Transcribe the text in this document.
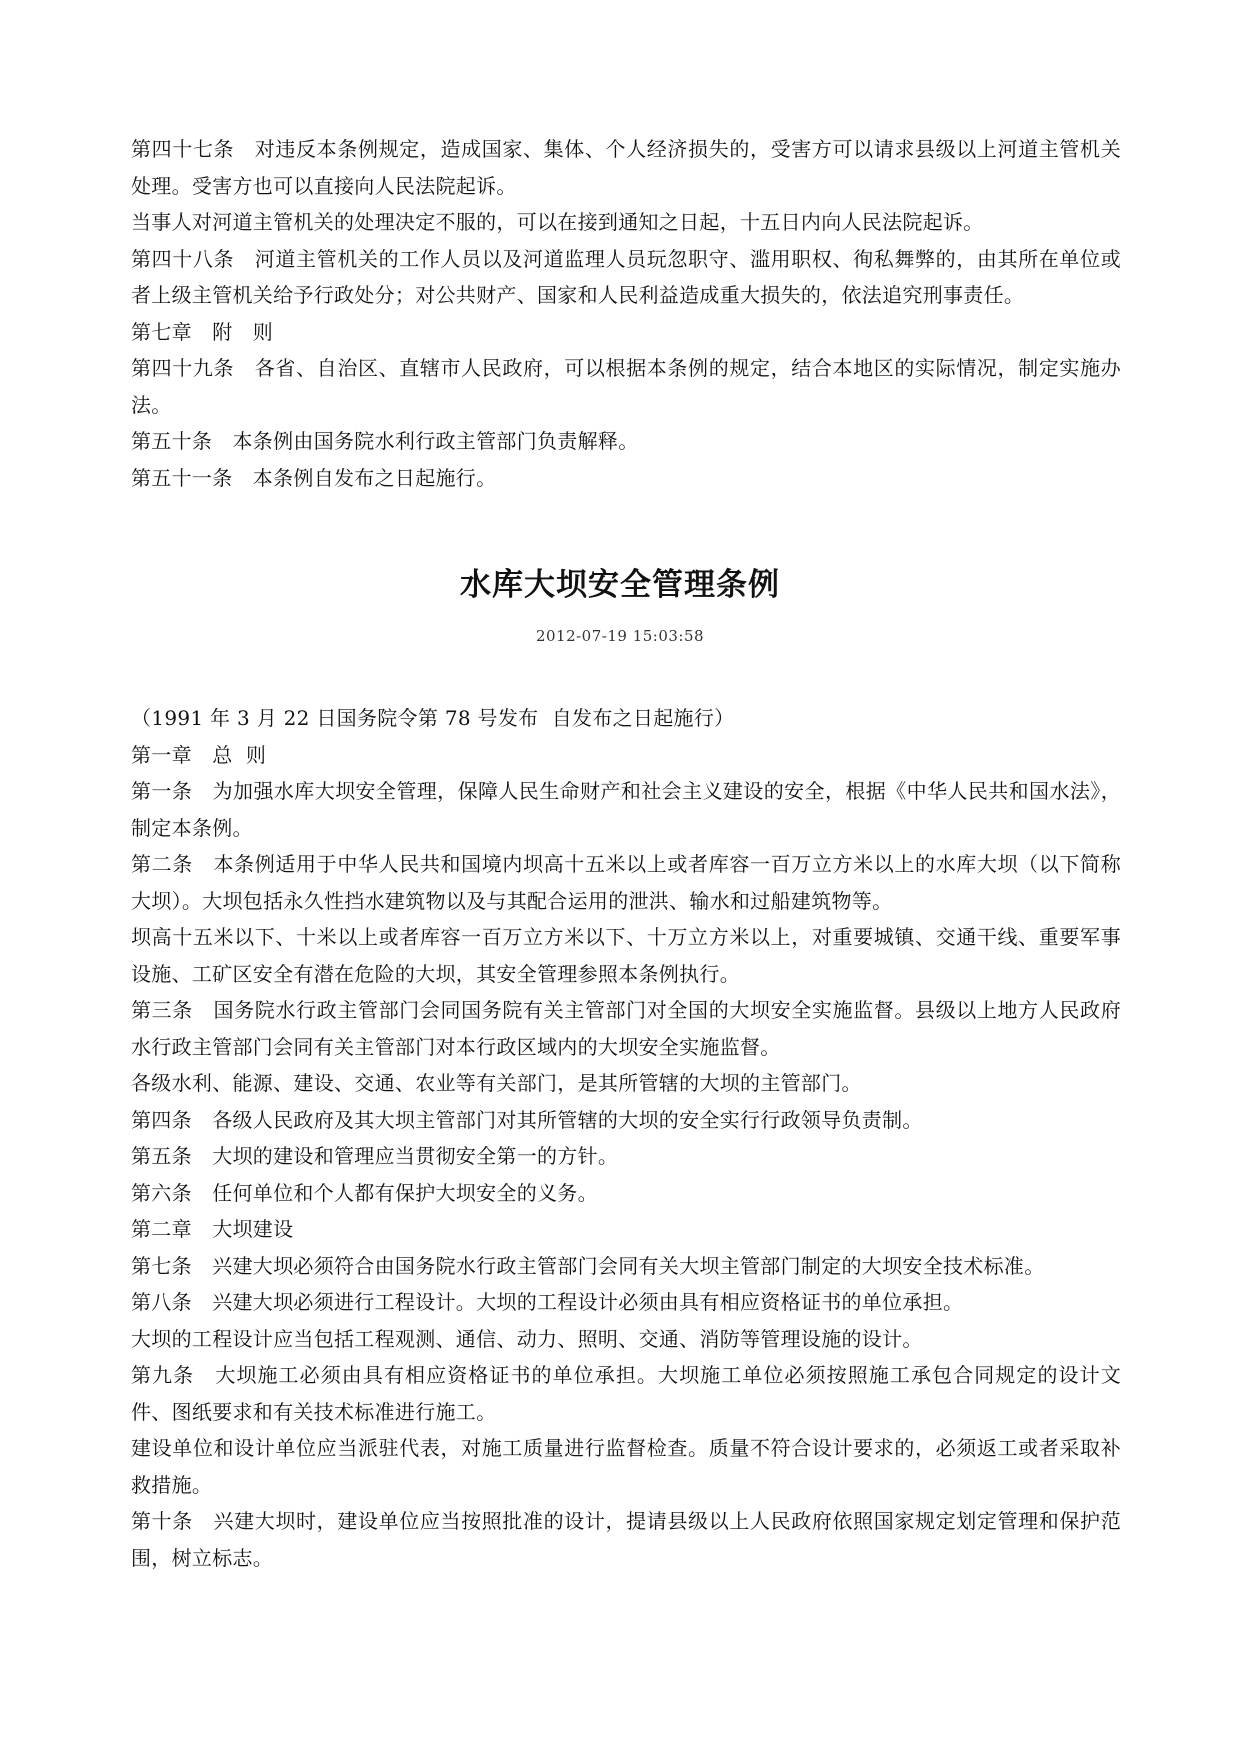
第四十七条　对违反本条例规定，造成国家、集体、个人经济损失的，受害方可以请求县级以上河道主管机关处理。受害方也可以直接向人民法院起诉。

当事人对河道主管机关的处理决定不服的，可以在接到通知之日起，十五日内向人民法院起诉。

第四十八条　河道主管机关的工作人员以及河道监理人员玩忽职守、滥用职权、徇私舞弊的，由其所在单位或者上级主管机关给予行政处分；对公共财产、国家和人民利益造成重大损失的，依法追究刑事责任。

第七章　附　则

第四十九条　各省、自治区、直辖市人民政府，可以根据本条例的规定，结合本地区的实际情况，制定实施办法。

第五十条　本条例由国务院水利行政主管部门负责解释。

第五十一条　本条例自发布之日起施行。

水库大坝安全管理条例
2012-07-19 15:03:58

（1991 年 3 月 22 日国务院令第 78 号发布  自发布之日起施行）

第一章　总  则

第一条　为加强水库大坝安全管理，保障人民生命财产和社会主义建设的安全，根据《中华人民共和国水法》，制定本条例。

第二条　本条例适用于中华人民共和国境内坝高十五米以上或者库容一百万立方米以上的水库大坝（以下简称大坝）。大坝包括永久性挡水建筑物以及与其配合运用的泄洪、输水和过船建筑物等。

坝高十五米以下、十米以上或者库容一百万立方米以下、十万立方米以上，对重要城镇、交通干线、重要军事设施、工矿区安全有潜在危险的大坝，其安全管理参照本条例执行。

第三条　国务院水行政主管部门会同国务院有关主管部门对全国的大坝安全实施监督。县级以上地方人民政府水行政主管部门会同有关主管部门对本行政区域内的大坝安全实施监督。

各级水利、能源、建设、交通、农业等有关部门，是其所管辖的大坝的主管部门。

第四条　各级人民政府及其大坝主管部门对其所管辖的大坝的安全实行行政领导负责制。

第五条　大坝的建设和管理应当贯彻安全第一的方针。

第六条　任何单位和个人都有保护大坝安全的义务。

第二章　大坝建设

第七条　兴建大坝必须符合由国务院水行政主管部门会同有关大坝主管部门制定的大坝安全技术标准。

第八条　兴建大坝必须进行工程设计。大坝的工程设计必须由具有相应资格证书的单位承担。

大坝的工程设计应当包括工程观测、通信、动力、照明、交通、消防等管理设施的设计。

第九条　大坝施工必须由具有相应资格证书的单位承担。大坝施工单位必须按照施工承包合同规定的设计文件、图纸要求和有关技术标准进行施工。

建设单位和设计单位应当派驻代表，对施工质量进行监督检查。质量不符合设计要求的，必须返工或者采取补救措施。

第十条　兴建大坝时，建设单位应当按照批准的设计，提请县级以上人民政府依照国家规定划定管理和保护范围，树立标志。
